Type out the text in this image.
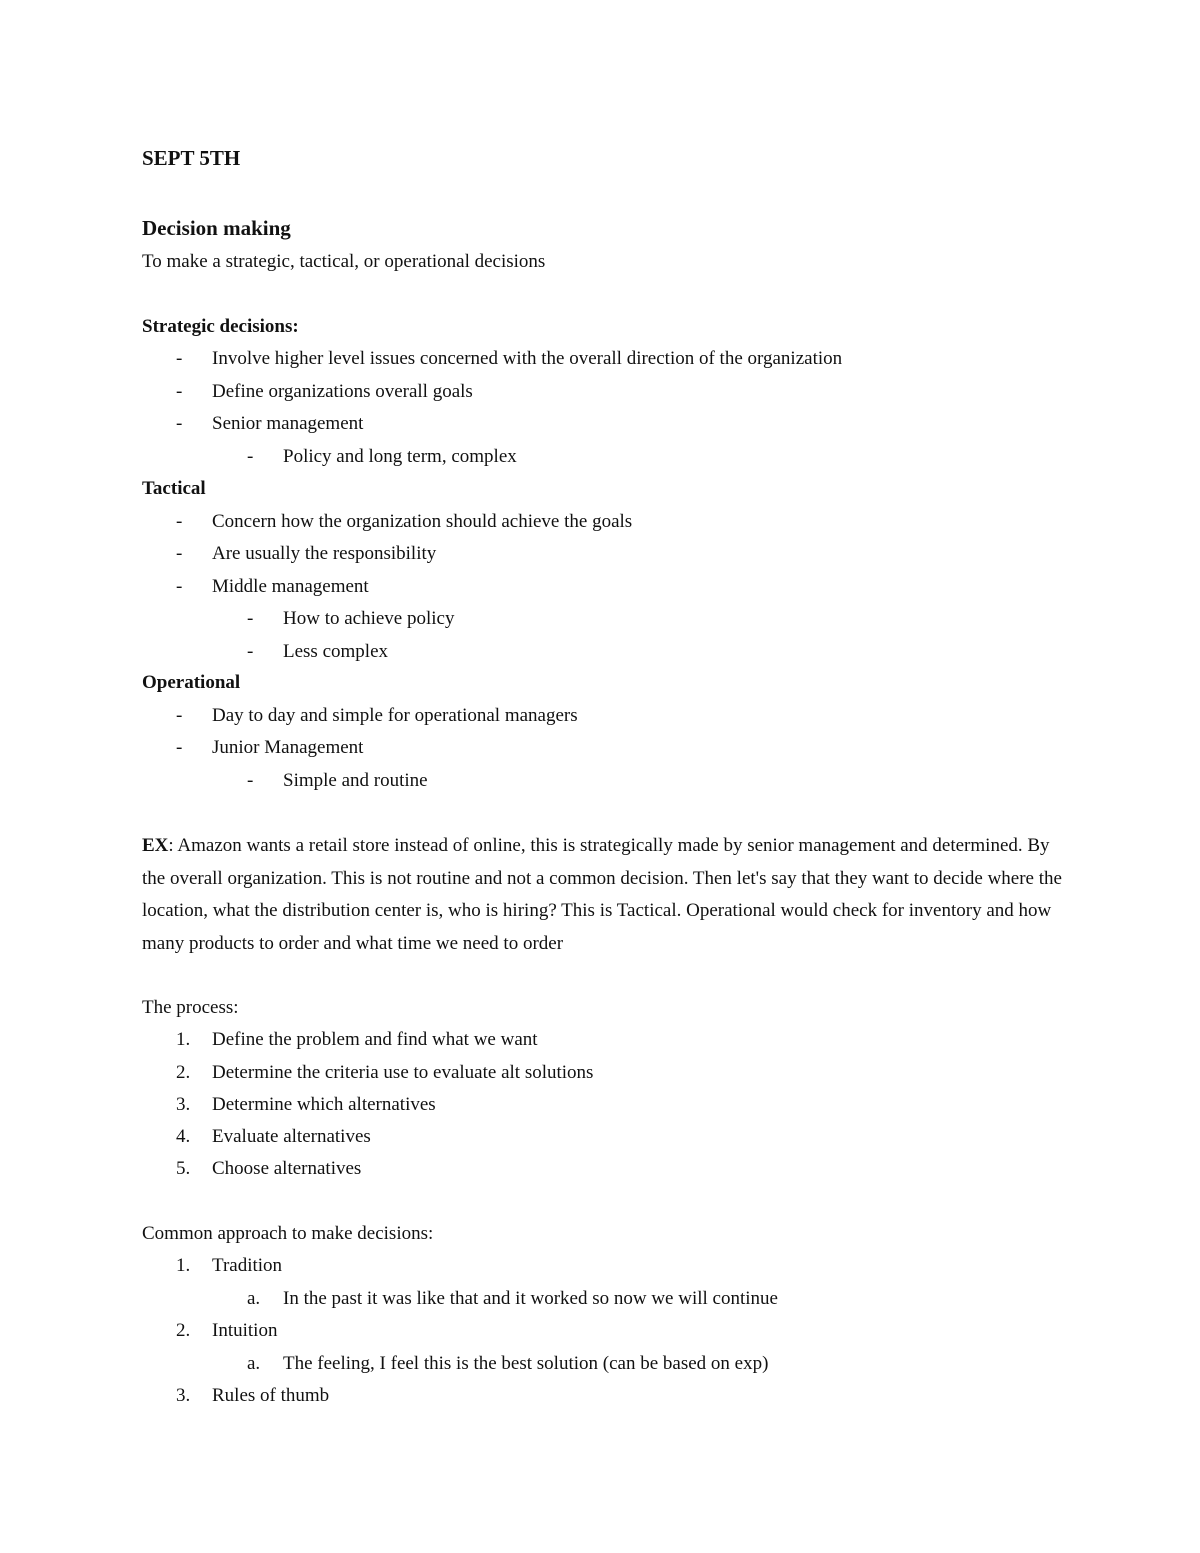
SEPT 5TH
Decision making
To make a strategic, tactical, or operational decisions
Strategic decisions:
- Involve higher level issues concerned with the overall direction of the organization
- Define organizations overall goals
- Senior management
- Policy and long term, complex
Tactical
- Concern how the organization should achieve the goals
- Are usually the responsibility
- Middle management
- How to achieve policy
- Less complex
Operational
- Day to day and simple for operational managers
- Junior Management
- Simple and routine
EX: Amazon wants a retail store instead of online, this is strategically made by senior management and determined. By the overall organization. This is not routine and not a common decision. Then let's say that they want to decide where the location, what the distribution center is, who is hiring? This is Tactical. Operational would check for inventory and how many products to order and what time we need to order
The process:
1. Define the problem and find what we want
2. Determine the criteria use to evaluate alt solutions
3. Determine which alternatives
4. Evaluate alternatives
5. Choose alternatives
Common approach to make decisions:
1. Tradition
a. In the past it was like that and it worked so now we will continue
2. Intuition
a. The feeling, I feel this is the best solution (can be based on exp)
3. Rules of thumb
